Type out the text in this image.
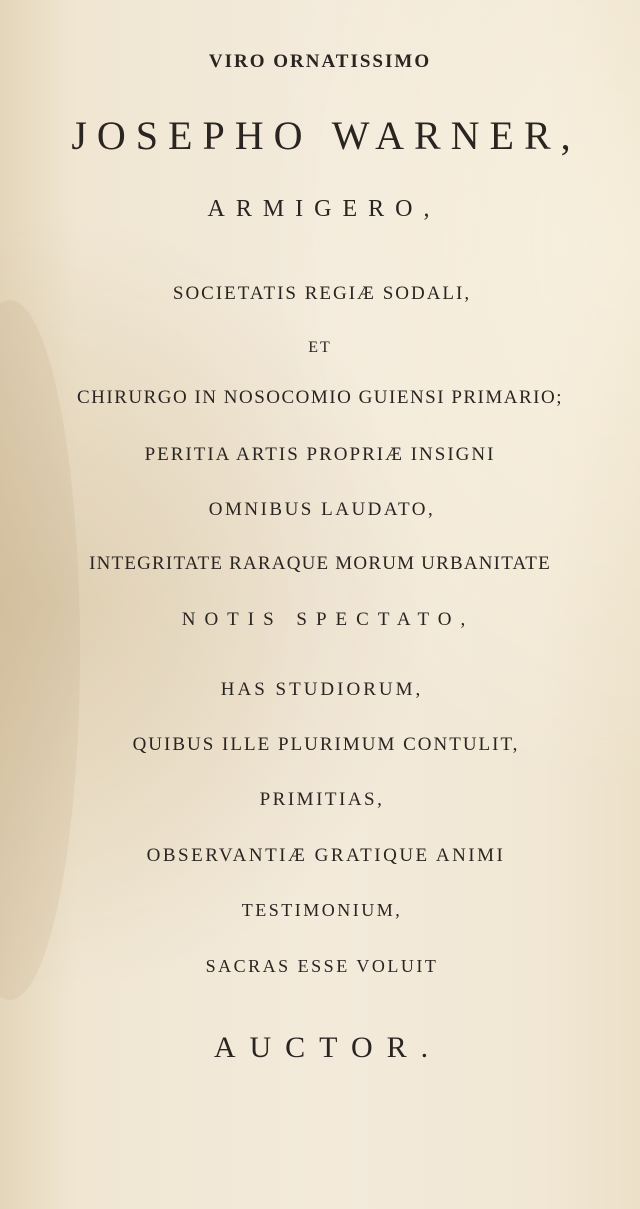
VIRO ORNATISSIMO
JOSEPHO WARNER,
ARMIGERO,
SOCIETATIS REGIÆ SODALI,
ET
CHIRURGO IN NOSOCOMIO GUIENSI PRIMARIO;
PERITIA ARTIS PROPRIÆ INSIGNI
OMNIBUS LAUDATO,
INTEGRITATE RARAQUE MORUM URBANITATE
NOTIS SPECTATO,
HAS STUDIORUM,
QUIBUS ILLE PLURIMUM CONTULIT,
PRIMITIAS,
OBSERVANTIÆ GRATIQUE ANIMI
TESTIMONIUM,
SACRAS ESSE VOLUIT
AUCTOR.
